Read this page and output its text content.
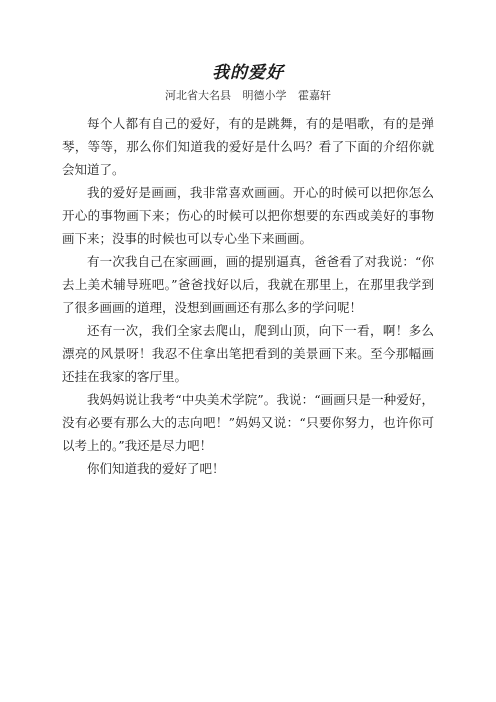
我的爱好
河北省大名县 明德小学 霍嘉轩

每个人都有自己的爱好，有的是跳舞，有的是唱歌，有的是弹琴，等等，那么你们知道我的爱好是什么吗？看了下面的介绍你就会知道了。

我的爱好是画画，我非常喜欢画画。开心的时候可以把你怎么开心的事物画下来；伤心的时候可以把你想要的东西或美好的事物画下来；没事的时候也可以专心坐下来画画。

有一次我自己在家画画，画的提别逼真，爸爸看了对我说：“你去上美术辅导班吧。”爸爸找好以后，我就在那里上，在那里我学到了很多画画的道理，没想到画画还有那么多的学问呢！

还有一次，我们全家去爬山，爬到山顶，向下一看，啊！多么漂亮的风景呀！我忍不住拿出笔把看到的美景画下来。至今那幅画还挂在我家的客厅里。

我妈妈说让我考“中央美术学院”。我说：“画画只是一种爱好，没有必要有那么大的志向吧！”妈妈又说：“只要你努力，也许你可以考上的。”我还是尽力吧！

你们知道我的爱好了吧！
